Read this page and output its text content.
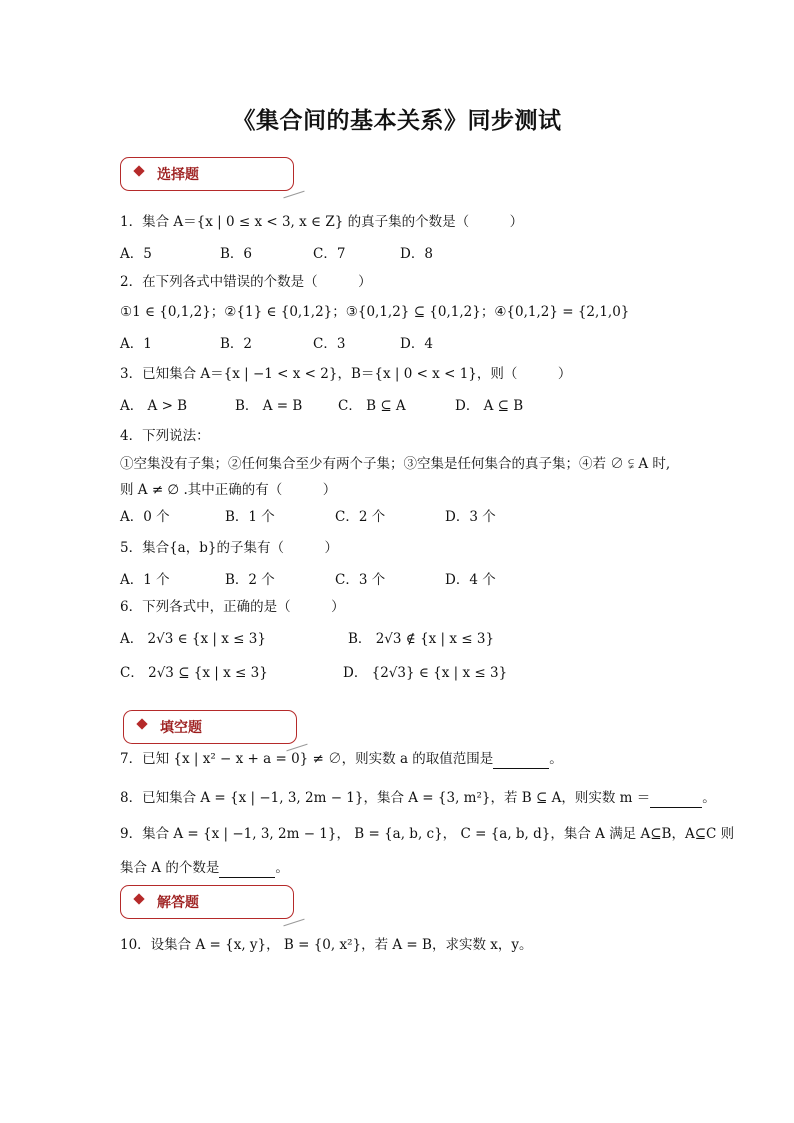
《集合间的基本关系》同步测试
选择题
1．集合 A＝{x | 0 ≤ x < 3, x ∈ Z} 的真子集的个数是（　　　）
A．5	B．6	C．7	D．8
2．在下列各式中错误的个数是（　　　）
①1 ∈ {0,1,2}；②{1} ∈ {0,1,2}；③{0,1,2} ⊆ {0,1,2}；④{0,1,2} = {2,1,0}
A．1	B．2	C．3	D．4
3．已知集合 A＝{x | −1 < x < 2}，B＝{x | 0 < x < 1}，则（　　　）
A． A > B	B． A = B	C． B ⊆ A	D． A ⊆ B
4．下列说法：
①空集没有子集；②任何集合至少有两个子集；③空集是任何集合的真子集；④若 ∅ ⫋ A 时,
则 A ≠ ∅ .其中正确的有（　　　）
A．0 个	B．1 个	C．2 个	D．3 个
5．集合{a，b}的子集有（　　　）
A．1 个	B．2 个	C．3 个	D．4 个
6．下列各式中，正确的是（　　　）
A． 2√3 ∈ {x | x ≤ 3}	B． 2√3 ∉ {x | x ≤ 3}
C． 2√3 ⊆ {x | x ≤ 3}	D． {2√3} ∈ {x | x ≤ 3}
填空题
7．已知 {x | x² − x + a = 0} ≠ ∅，则实数 a 的取值范围是	。
8．已知集合 A = {x | −1, 3, 2m − 1}，集合 A = {3, m²}，若 B ⊆ A，则实数 m ＝	。
9．集合 A = {x | −1, 3, 2m − 1}， B = {a, b, c}， C = {a, b, d}，集合 A 满足 A⊆B，A⊆C 则
集合 A 的个数是	。
解答题
10．设集合 A = {x, y}， B = {0, x²}，若 A = B，求实数 x，y。
